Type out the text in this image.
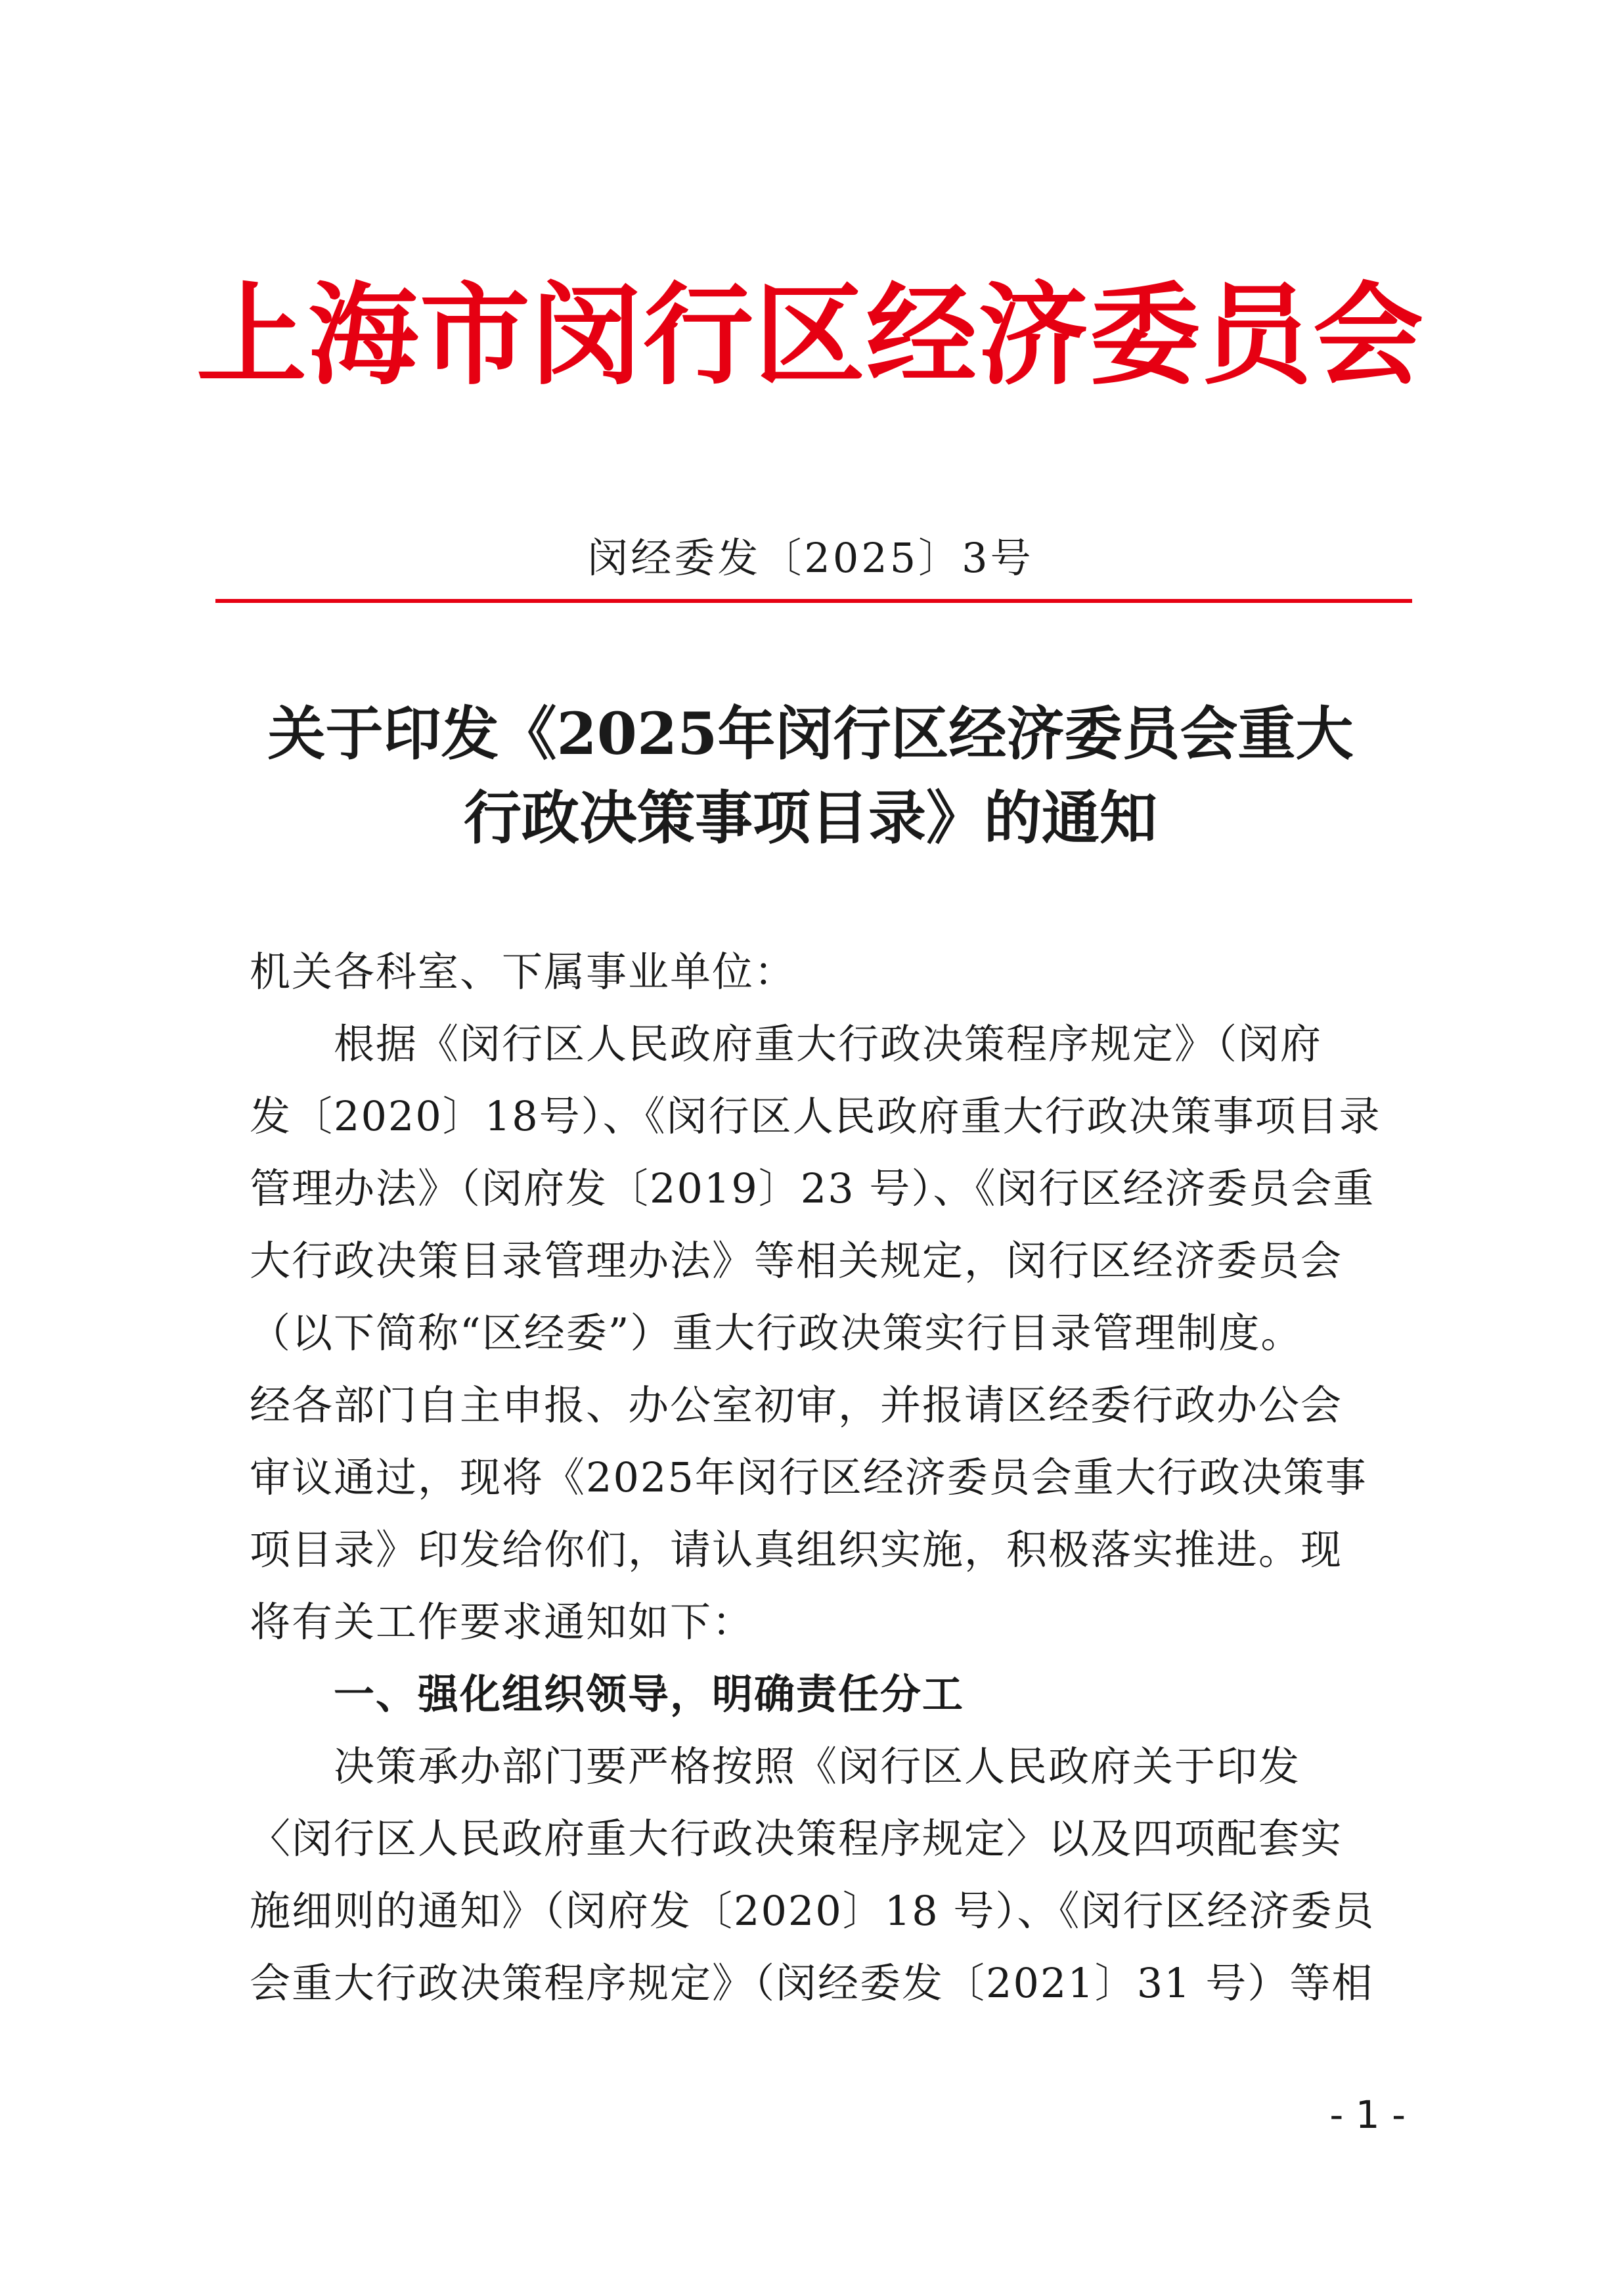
上海市闵行区经济委员会
闵经委发〔2025〕3号
关于印发《2025年闵行区经济委员会重大
行政决策事项目录》的通知
机关各科室、下属事业单位：
根据《闵行区人民政府重大行政决策程序规定》（闵府
发〔2020〕18号）、《闵行区人民政府重大行政决策事项目录
管理办法》（闵府发〔2019〕23 号）、《闵行区经济委员会重
大行政决策目录管理办法》等相关规定，闵行区经济委员会
（以下简称“区经委”）重大行政决策实行目录管理制度。
经各部门自主申报、办公室初审，并报请区经委行政办公会
审议通过，现将《2025年闵行区经济委员会重大行政决策事
项目录》印发给你们，请认真组织实施，积极落实推进。现
将有关工作要求通知如下：
一、强化组织领导，明确责任分工
决策承办部门要严格按照《闵行区人民政府关于印发
〈闵行区人民政府重大行政决策程序规定〉以及四项配套实
施细则的通知》（闵府发〔2020〕18 号）、《闵行区经济委员
会重大行政决策程序规定》（闵经委发〔2021〕31 号）等相
- 1 -
